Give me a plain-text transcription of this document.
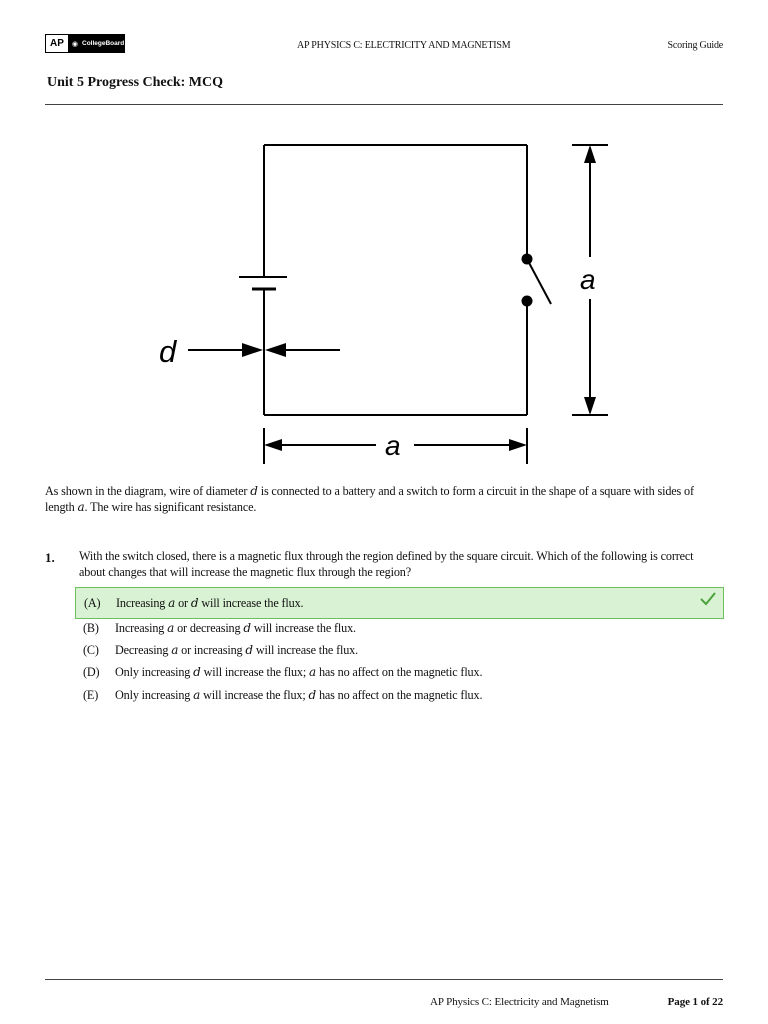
AP	◉ CollegeBoard	AP PHYSICS C: ELECTRICITY AND MAGNETISM	Scoring Guide
Unit 5 Progress Check: MCQ
d
a
a
As shown in the diagram, wire of diameter d is connected to a battery and a switch to form a circuit in the shape of a square with sides of length a. The wire has significant resistance.
1. With the switch closed, there is a magnetic flux through the region defined by the square circuit. Which of the following is correct about changes that will increase the magnetic flux through the region?
(A)	Increasing a or d will increase the flux.
(B)	Increasing a or decreasing d will increase the flux.
(C)	Decreasing a or increasing d will increase the flux.
(D)	Only increasing d will increase the flux; a has no affect on the magnetic flux.
(E)	Only increasing a will increase the flux; d has no affect on the magnetic flux.
AP Physics C: Electricity and Magnetism	Page 1 of 22
